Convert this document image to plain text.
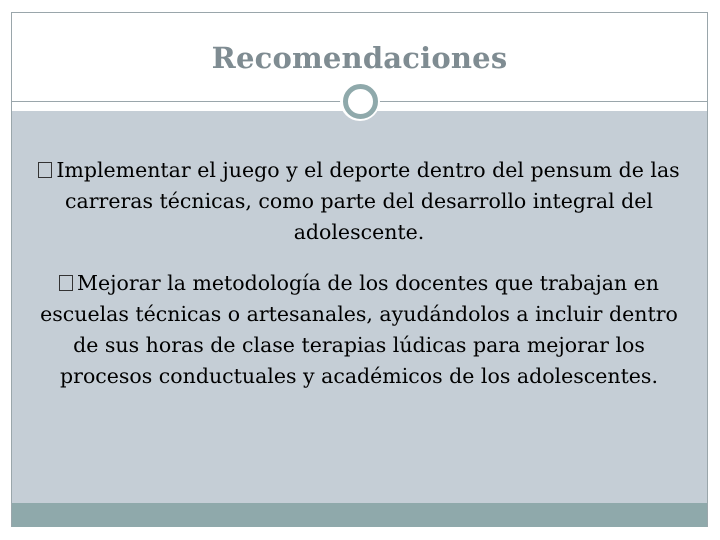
Recomendaciones
Implementar el juego y el deporte dentro del pensum de las carreras técnicas, como parte del desarrollo integral del adolescente.
Mejorar la metodología de los docentes que trabajan en escuelas técnicas o artesanales, ayudándolos a incluir dentro de sus horas de clase terapias lúdicas para mejorar los procesos conductuales y académicos de los adolescentes.
